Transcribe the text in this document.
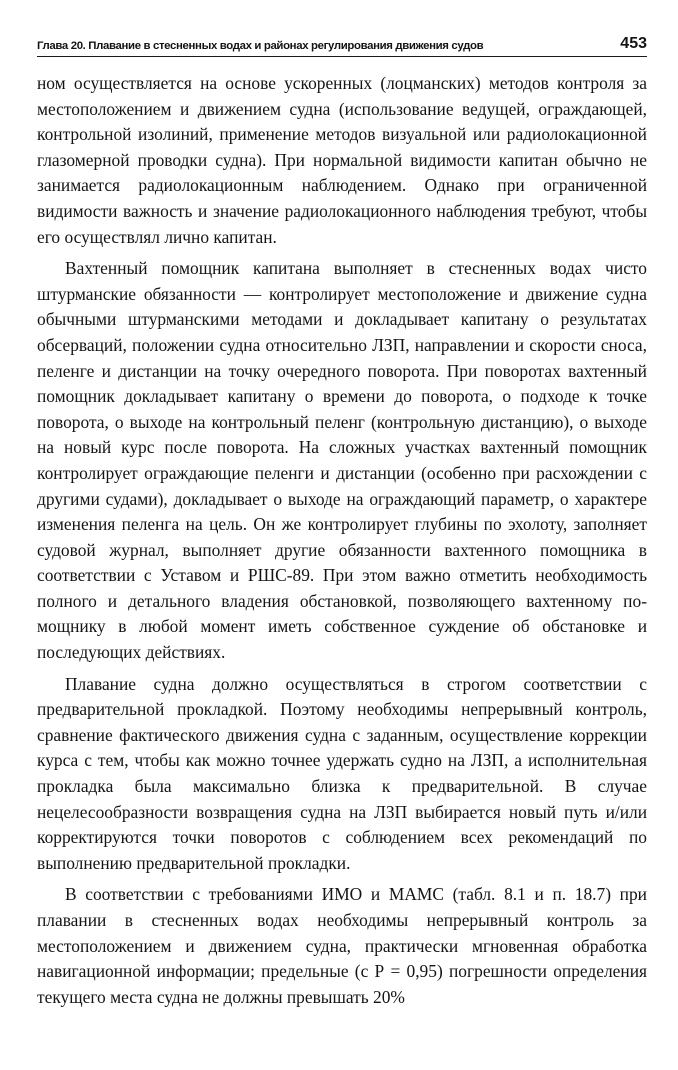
Глава 20. Плавание в стесненных водах и районах регулирования движения судов	453

ном осуществляется на основе ускоренных (лоцманских) методов контроля за местоположением и движением судна (использование ведущей, ограждающей, контрольной изолиний, применение методов визуальной или радиолокационной глазомерной проводки судна). При нормальной видимости капитан обычно не занимается радиолокационным наблюдением. Однако при ограниченной видимости важность и значение радиолокационного наблюдения требуют, чтобы его осуществлял лично капитан.

Вахтенный помощник капитана выполняет в стесненных водах чисто штурманские обязанности — контролирует местоположение и движение судна обычными штурманскими методами и докладывает капитану о результатах обсерваций, положении судна относительно ЛЗП, направлении и скорости сноса, пеленге и дистанции на точку очередного поворота. При поворотах вахтенный помощник докладывает капитану о времени до поворота, о подходе к точке поворота, о выходе на контрольный пеленг (контрольную дистанцию), о выходе на новый курс после поворота. На сложных участках вахтенный помощник контролирует ограждающие пеленги и дистанции (особенно при расхождении с другими судами), докладывает о выходе на ограждающий параметр, о характере изменения пеленга на цель. Он же контролирует глубины по эхолоту, заполняет судовой журнал, выполняет другие обязанности вахтенного помощника в соответствии с Уставом и РШС-89. При этом важно отметить необходимость полного и детального владения обстановкой, позволяющего вахтенному помощнику в любой момент иметь собственное суждение об обстановке и последующих действиях.

Плавание судна должно осуществляться в строгом соответствии с предварительной прокладкой. Поэтому необходимы непрерывный контроль, сравнение фактического движения судна с заданным, осуществление коррекции курса с тем, чтобы как можно точнее удержать судно на ЛЗП, а исполнительная прокладка была максимально близка к предварительной. В случае нецелесообразности возвращения судна на ЛЗП выбирается новый путь и/или корректируются точки поворотов с соблюдением всех рекомендаций по выполнению предварительной прокладки.

В соответствии с требованиями ИМО и МАМС (табл. 8.1 и п. 18.7) при плавании в стесненных водах необходимы непрерывный контроль за местоположением и движением судна, практически мгновенная обработка навигационной информации; предельные (с Р = 0,95) погрешности определения текущего места судна не должны превышать 20%
